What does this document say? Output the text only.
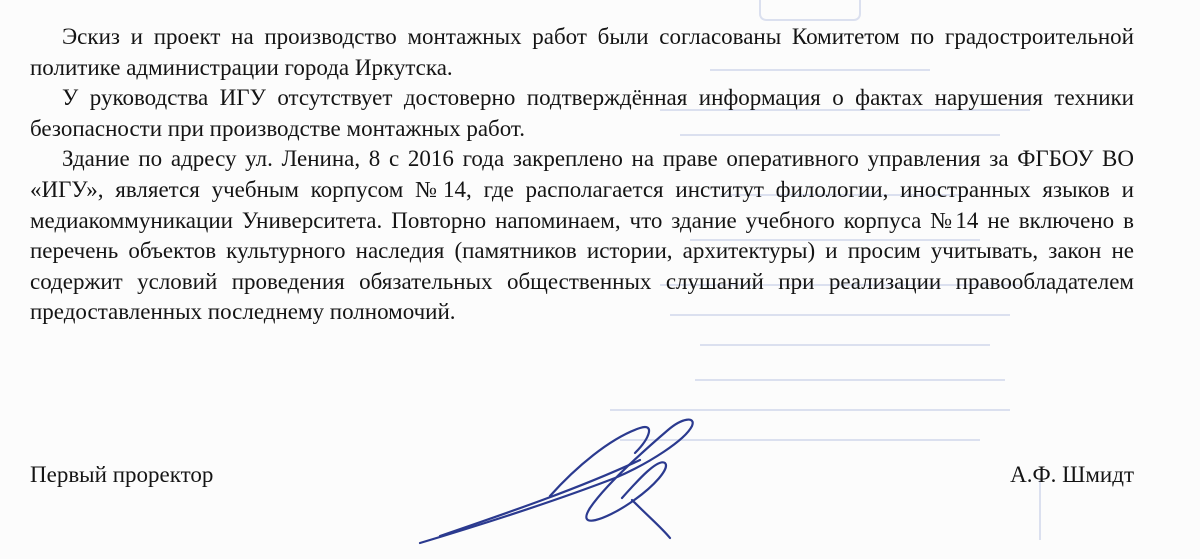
Эскиз и проект на производство монтажных работ были согласованы Комитетом по градостроительной политике администрации города Иркутска.

У руководства ИГУ отсутствует достоверно подтверждённая информация о фактах нарушения техники безопасности при производстве монтажных работ.

Здание по адресу ул. Ленина, 8 с 2016 года закреплено на праве оперативного управления за ФГБОУ ВО «ИГУ», является учебным корпусом №14, где располагается институт филологии, иностранных языков и медиакоммуникации Университета. Повторно напоминаем, что здание учебного корпуса №14 не включено в перечень объектов культурного наследия (памятников истории, архитектуры) и просим учитывать, закон не содержит условий проведения обязательных общественных слушаний при реализации правообладателем предоставленных последнему полномочий.

Первый проректор	А.Ф. Шмидт
